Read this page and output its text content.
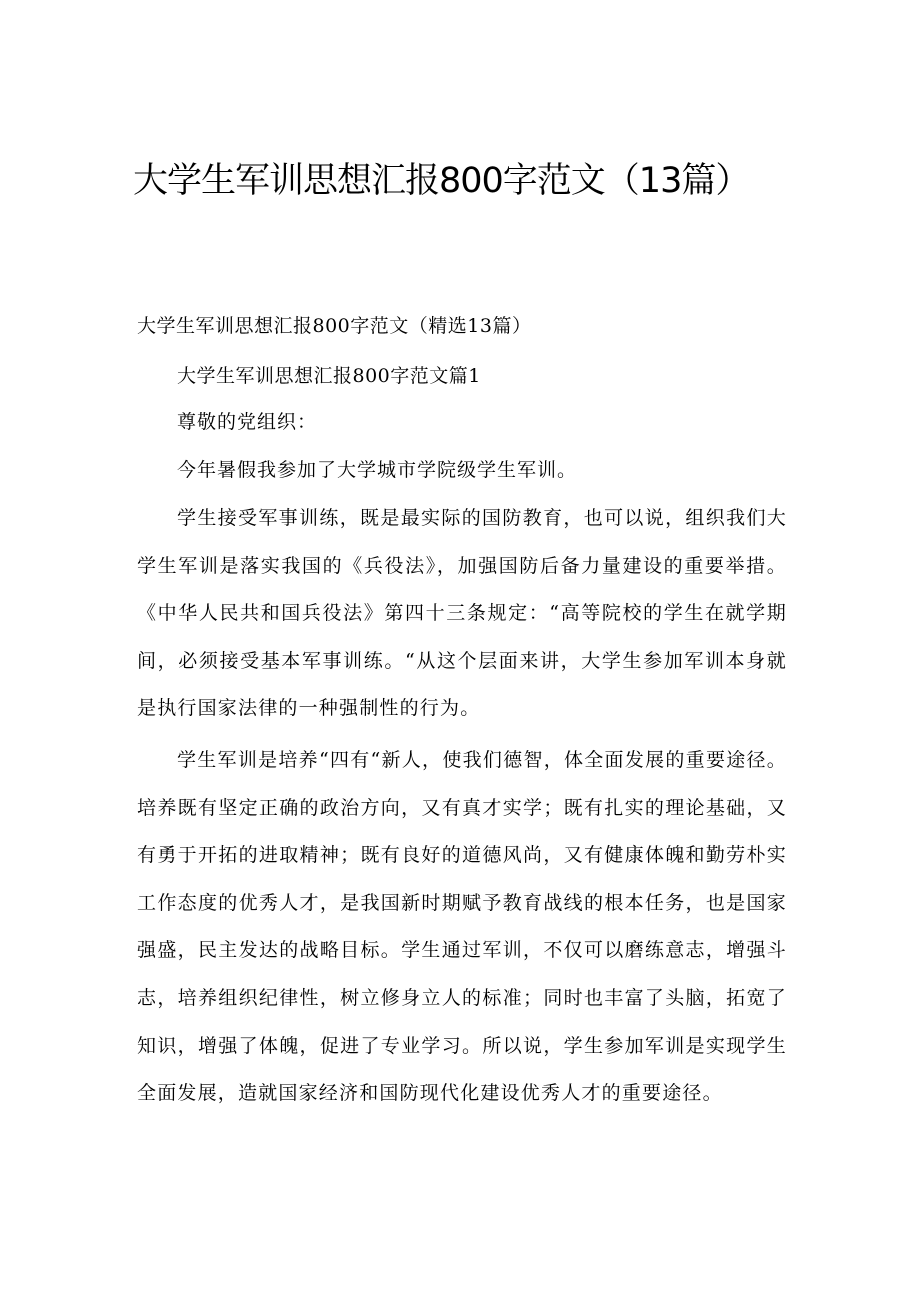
大学生军训思想汇报800字范文（13篇）

大学生军训思想汇报800字范文（精选13篇）

大学生军训思想汇报800字范文篇1

尊敬的党组织：

今年暑假我参加了大学城市学院级学生军训。

学生接受军事训练，既是最实际的国防教育，也可以说，组织我们大学生军训是落实我国的《兵役法》，加强国防后备力量建设的重要举措。《中华人民共和国兵役法》第四十三条规定：“高等院校的学生在就学期间，必须接受基本军事训练。“从这个层面来讲，大学生参加军训本身就是执行国家法律的一种强制性的行为。

学生军训是培养“四有“新人，使我们德智，体全面发展的重要途径。培养既有坚定正确的政治方向，又有真才实学；既有扎实的理论基础，又有勇于开拓的进取精神；既有良好的道德风尚，又有健康体魄和勤劳朴实工作态度的优秀人才，是我国新时期赋予教育战线的根本任务，也是国家强盛，民主发达的战略目标。学生通过军训，不仅可以磨练意志，增强斗志，培养组织纪律性，树立修身立人的标准；同时也丰富了头脑，拓宽了知识，增强了体魄，促进了专业学习。所以说，学生参加军训是实现学生全面发展，造就国家经济和国防现代化建设优秀人才的重要途径。
